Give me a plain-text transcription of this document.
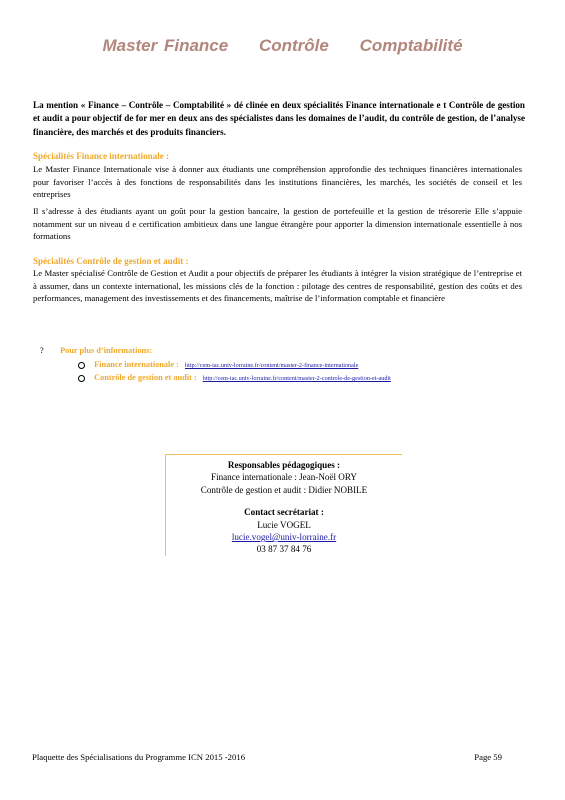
Master Finance Contrôle Comptabilité
La mention « Finance – Contrôle – Comptabilité » dé clinée en deux spécialités Finance internationale e t Contrôle de gestion et audit a pour objectif de for mer en deux ans des spécialistes dans les domaines de l’audit, du contrôle de gestion, de l’analyse financière, des marchés et des produits financiers.
Spécialités Finance internationale :
Le Master Finance Internationale vise à donner aux étudiants une compréhension approfondie des techniques financières internationales pour favoriser l’accès à des fonctions de responsabilités dans les institutions financières, les marchés, les sociétés de conseil et les entreprises
Il s’adresse à des étudiants ayant un goût pour la gestion bancaire, la gestion de portefeuille et la gestion de trésorerie Elle s’appuie notamment sur un niveau d e certification ambitieux dans une langue étrangère pour apporter la dimension internationale essentielle à nos formations
Spécialités Contrôle de gestion et audit :
Le Master spécialisé Contrôle de Gestion et Audit a pour objectifs de préparer les étudiants à intégrer la vision stratégique de l’entreprise et à assumer, dans un contexte international, les missions clés de la fonction : pilotage des centres de responsabilité, gestion des coûts et des performances, management des investissements et des financements, maîtrise de l’information comptable et financière
? Pour plus d’informations:
Finance internationale : http://cem-iac.univ-lorraine.fr/content/master-2-finance-internationale
Contrôle de gestion et audit : http://cem-iac.univ-lorraine.fr/content/master-2-controle-de-gestion-et-audit
Responsables pédagogiques :
Finance internationale : Jean-Noël ORY
Contrôle de gestion et audit : Didier NOBILE
Contact secrétariat :
Lucie VOGEL
lucie.vogel@univ-lorraine.fr
03 87 37 84 76
Plaquette des Spécialisations du Programme ICN 2015 -2016	Page 59
